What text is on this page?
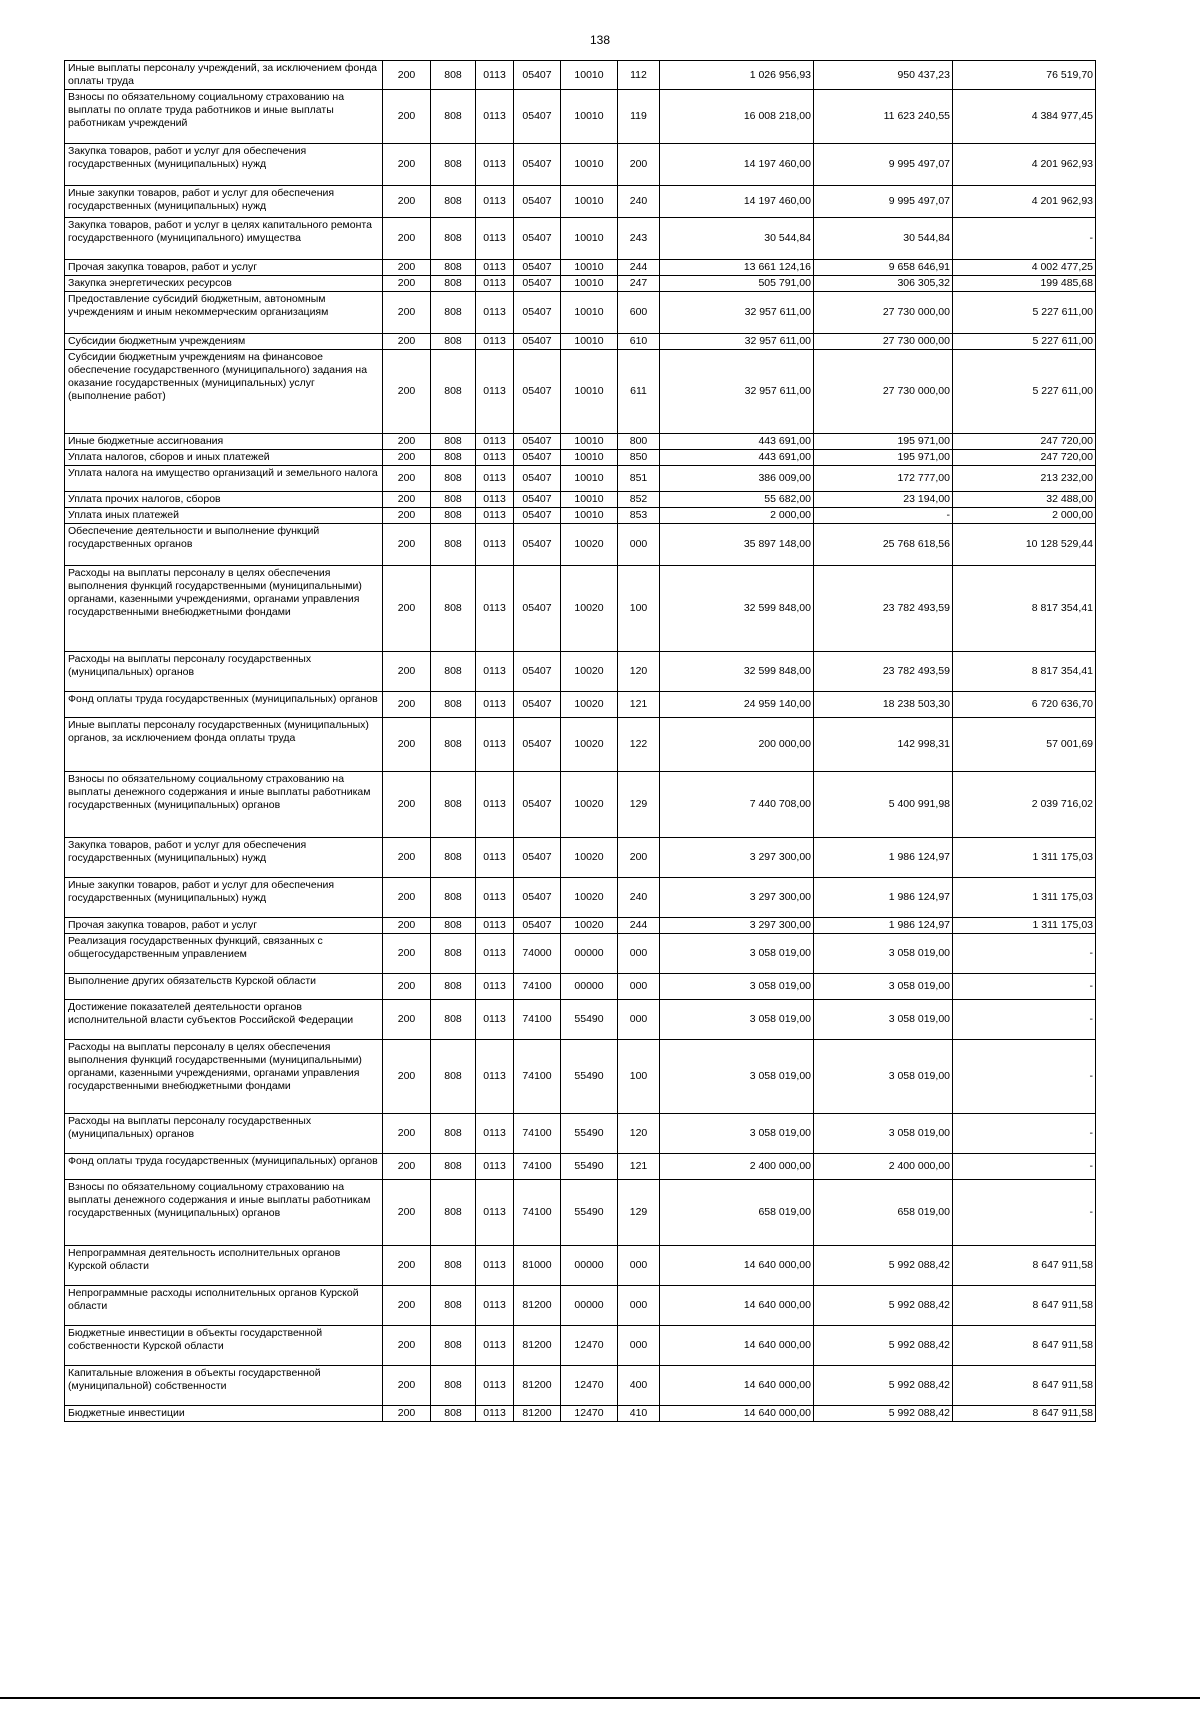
138
Иные выплаты персоналу учреждений, за исключением фонда оплаты труда	200	808	0113	05407	10010	112	1 026 956,93	950 437,23	76 519,70
Взносы по обязательному социальному страхованию на выплаты по оплате труда работников и иные выплаты работникам учреждений	200	808	0113	05407	10010	119	16 008 218,00	11 623 240,55	4 384 977,45
Закупка товаров, работ и услуг для обеспечения государственных (муниципальных) нужд	200	808	0113	05407	10010	200	14 197 460,00	9 995 497,07	4 201 962,93
Иные закупки товаров, работ и услуг для обеспечения государственных (муниципальных) нужд	200	808	0113	05407	10010	240	14 197 460,00	9 995 497,07	4 201 962,93
Закупка товаров, работ и услуг в целях капитального ремонта государственного (муниципального) имущества	200	808	0113	05407	10010	243	30 544,84	30 544,84	-
Прочая закупка товаров, работ и услуг	200	808	0113	05407	10010	244	13 661 124,16	9 658 646,91	4 002 477,25
Закупка энергетических ресурсов	200	808	0113	05407	10010	247	505 791,00	306 305,32	199 485,68
Предоставление субсидий бюджетным, автономным учреждениям и иным некоммерческим организациям	200	808	0113	05407	10010	600	32 957 611,00	27 730 000,00	5 227 611,00
Субсидии бюджетным учреждениям	200	808	0113	05407	10010	610	32 957 611,00	27 730 000,00	5 227 611,00
Субсидии бюджетным учреждениям на финансовое обеспечение государственного (муниципального) задания на оказание государственных (муниципальных) услуг (выполнение работ)	200	808	0113	05407	10010	611	32 957 611,00	27 730 000,00	5 227 611,00
Иные бюджетные ассигнования	200	808	0113	05407	10010	800	443 691,00	195 971,00	247 720,00
Уплата налогов, сборов и иных платежей	200	808	0113	05407	10010	850	443 691,00	195 971,00	247 720,00
Уплата налога на имущество организаций и земельного налога	200	808	0113	05407	10010	851	386 009,00	172 777,00	213 232,00
Уплата прочих налогов, сборов	200	808	0113	05407	10010	852	55 682,00	23 194,00	32 488,00
Уплата иных платежей	200	808	0113	05407	10010	853	2 000,00	-	2 000,00
Обеспечение деятельности и выполнение функций государственных органов	200	808	0113	05407	10020	000	35 897 148,00	25 768 618,56	10 128 529,44
Расходы на выплаты персоналу в целях обеспечения выполнения функций государственными (муниципальными) органами, казенными учреждениями, органами управления государственными внебюджетными фондами	200	808	0113	05407	10020	100	32 599 848,00	23 782 493,59	8 817 354,41
Расходы на выплаты персоналу государственных (муниципальных) органов	200	808	0113	05407	10020	120	32 599 848,00	23 782 493,59	8 817 354,41
Фонд оплаты труда государственных (муниципальных) органов	200	808	0113	05407	10020	121	24 959 140,00	18 238 503,30	6 720 636,70
Иные выплаты персоналу государственных (муниципальных) органов, за исключением фонда оплаты труда	200	808	0113	05407	10020	122	200 000,00	142 998,31	57 001,69
Взносы по обязательному социальному страхованию на выплаты денежного содержания и иные выплаты работникам государственных (муниципальных) органов	200	808	0113	05407	10020	129	7 440 708,00	5 400 991,98	2 039 716,02
Закупка товаров, работ и услуг для обеспечения государственных (муниципальных) нужд	200	808	0113	05407	10020	200	3 297 300,00	1 986 124,97	1 311 175,03
Иные закупки товаров, работ и услуг для обеспечения государственных (муниципальных) нужд	200	808	0113	05407	10020	240	3 297 300,00	1 986 124,97	1 311 175,03
Прочая закупка товаров, работ и услуг	200	808	0113	05407	10020	244	3 297 300,00	1 986 124,97	1 311 175,03
Реализация государственных функций, связанных с общегосударственным управлением	200	808	0113	74000	00000	000	3 058 019,00	3 058 019,00	-
Выполнение других обязательств Курской области	200	808	0113	74100	00000	000	3 058 019,00	3 058 019,00	-
Достижение показателей деятельности органов исполнительной власти субъектов Российской Федерации	200	808	0113	74100	55490	000	3 058 019,00	3 058 019,00	-
Расходы на выплаты персоналу в целях обеспечения выполнения функций государственными (муниципальными) органами, казенными учреждениями, органами управления государственными внебюджетными фондами	200	808	0113	74100	55490	100	3 058 019,00	3 058 019,00	-
Расходы на выплаты персоналу государственных (муниципальных) органов	200	808	0113	74100	55490	120	3 058 019,00	3 058 019,00	-
Фонд оплаты труда государственных (муниципальных) органов	200	808	0113	74100	55490	121	2 400 000,00	2 400 000,00	-
Взносы по обязательному социальному страхованию на выплаты денежного содержания и иные выплаты работникам государственных (муниципальных) органов	200	808	0113	74100	55490	129	658 019,00	658 019,00	-
Непрограммная деятельность исполнительных органов Курской области	200	808	0113	81000	00000	000	14 640 000,00	5 992 088,42	8 647 911,58
Непрограммные расходы исполнительных органов Курской области	200	808	0113	81200	00000	000	14 640 000,00	5 992 088,42	8 647 911,58
Бюджетные инвестиции в объекты государственной собственности Курской области	200	808	0113	81200	12470	000	14 640 000,00	5 992 088,42	8 647 911,58
Капитальные вложения в объекты государственной (муниципальной) собственности	200	808	0113	81200	12470	400	14 640 000,00	5 992 088,42	8 647 911,58
Бюджетные инвестиции	200	808	0113	81200	12470	410	14 640 000,00	5 992 088,42	8 647 911,58
